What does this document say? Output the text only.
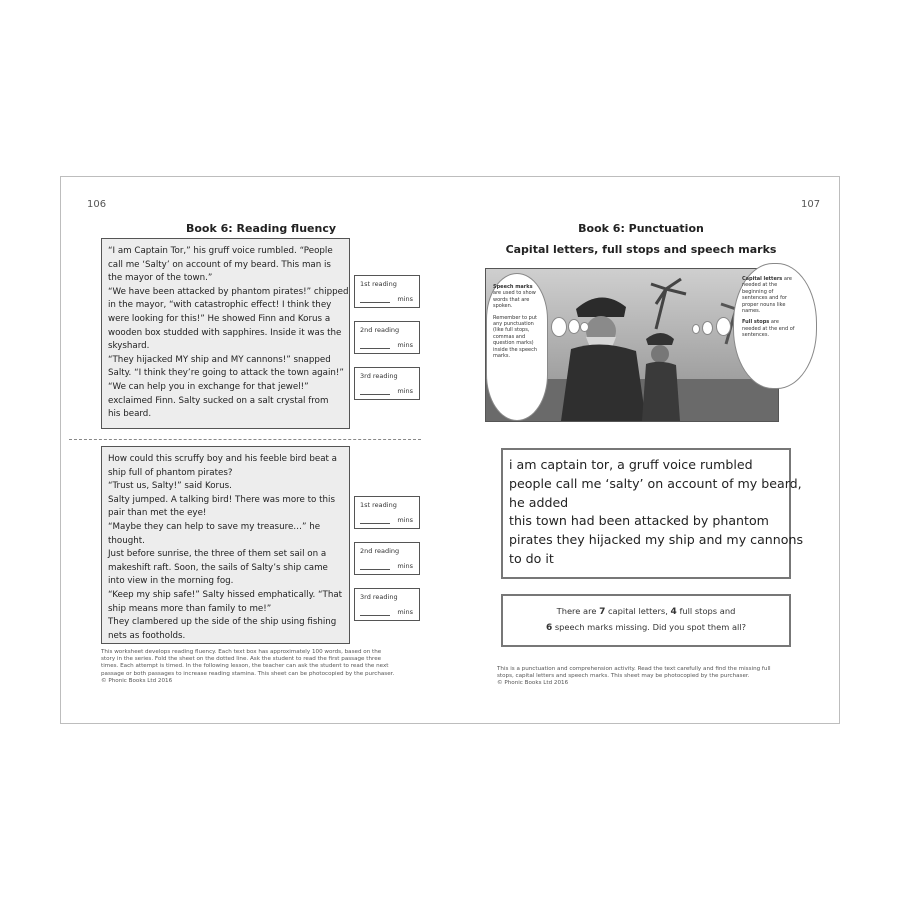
106
Book 6: Reading fluency
“I am Captain Tor,” his gruff voice rumbled. “People
call me ‘Salty’ on account of my beard. This man is
the mayor of the town.”
“We have been attacked by phantom pirates!” chipped
in the mayor, “with catastrophic effect! I think they
were looking for this!” He showed Finn and Korus a
wooden box studded with sapphires. Inside it was the
skyshard.
“They hijacked MY ship and MY cannons!” snapped
Salty. “I think they’re going to attack the town again!”
“We can help you in exchange for that jewel!”
exclaimed Finn. Salty sucked on a salt crystal from
his beard.
1st reading
mins
2nd reading
mins
3rd reading
mins
How could this scruffy boy and his feeble bird beat a
ship full of phantom pirates?
“Trust us, Salty!” said Korus.
Salty jumped. A talking bird! There was more to this
pair than met the eye!
“Maybe they can help to save my treasure…” he
thought.
Just before sunrise, the three of them set sail on a
makeshift raft. Soon, the sails of Salty’s ship came
into view in the morning fog.
“Keep my ship safe!” Salty hissed emphatically. “That
ship means more than family to me!”
They clambered up the side of the ship using fishing
nets as footholds.
1st reading
mins
2nd reading
mins
3rd reading
mins
This worksheet develops reading fluency. Each text box has approximately 100 words, based on the
story in the series. Fold the sheet on the dotted line. Ask the student to read the first passage three
times. Each attempt is timed. In the following lesson, the teacher can ask the student to read the next
passage or both passages to increase reading stamina. This sheet can be photocopied by the purchaser.
© Phonic Books Ltd 2016
107
Book 6: Punctuation
Capital letters, full stops and speech marks
Speech marks
are used to show
words that are
spoken.
Remember to put
any punctuation
(like full stops,
commas and
question marks)
inside the speech
marks.
Capital letters are
needed at the
beginning of
sentences and for
proper nouns like
names.
Full stops are
needed at the end of
sentences.
i am captain tor, a gruff voice rumbled
people call me ‘salty’ on account of my beard,
he added
this town had been attacked by phantom
pirates they hijacked my ship and my cannons
to do it
There are 7 capital letters, 4 full stops and
6 speech marks missing. Did you spot them all?
This is a punctuation and comprehension activity. Read the text carefully and find the missing full
stops, capital letters and speech marks. This sheet may be photocopied by the purchaser.
© Phonic Books Ltd 2016
